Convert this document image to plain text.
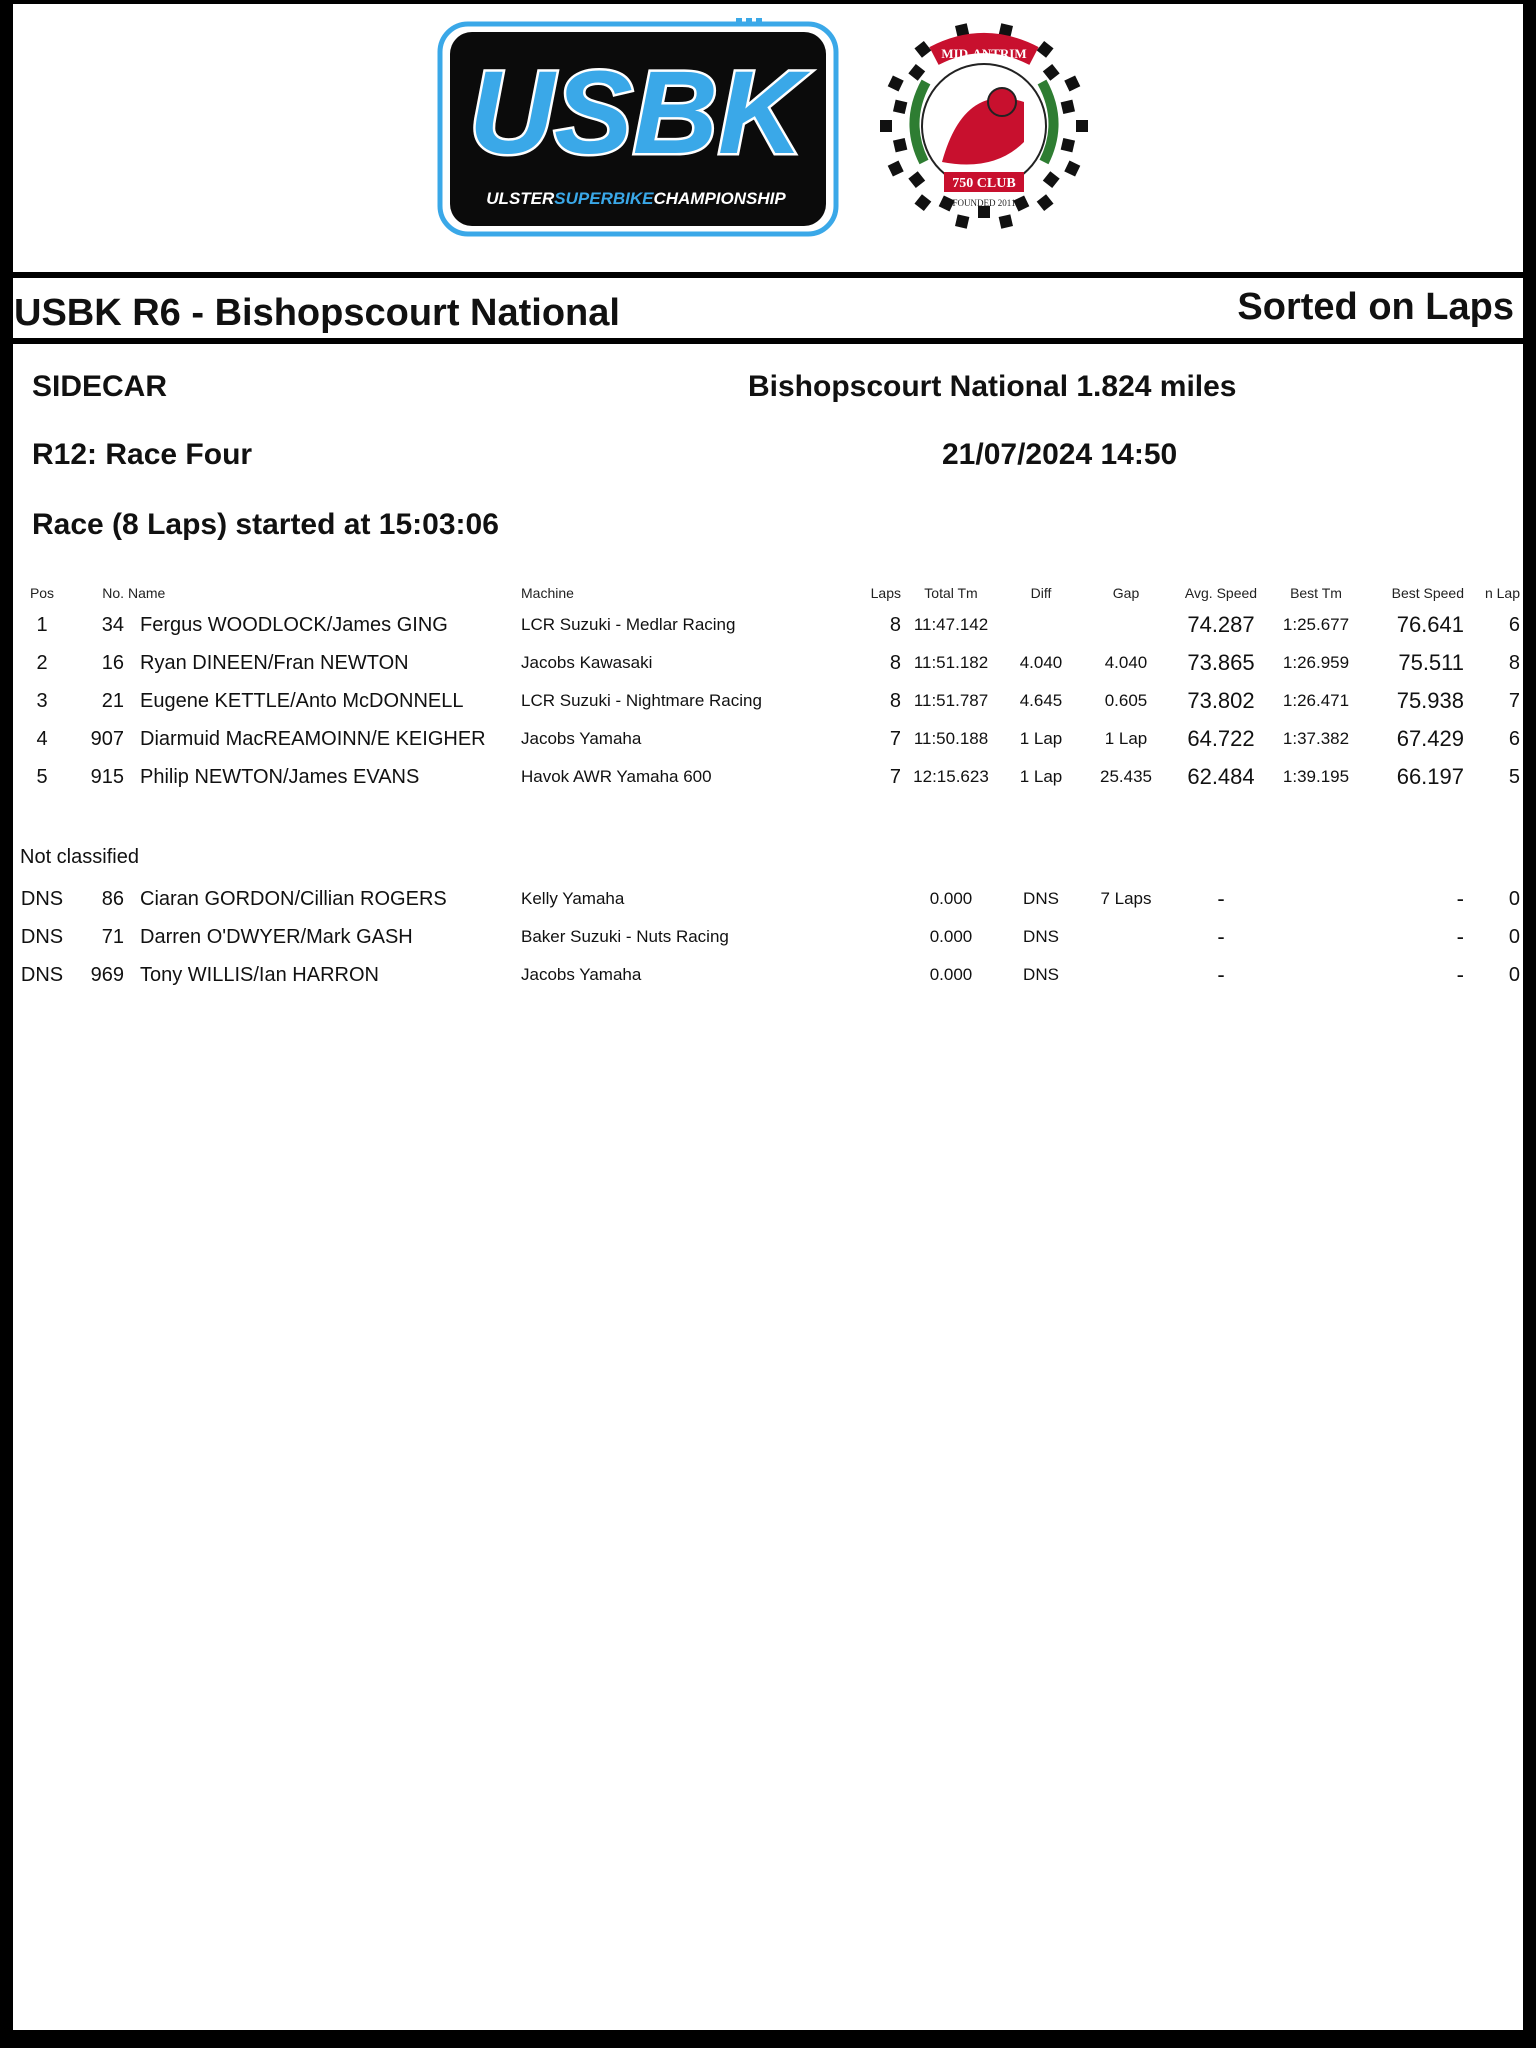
USBK
ULSTERSUPERBIKECHAMPIONSHIP
MID-ANTRIM
750 CLUB
FOUNDED 2011
USBK R6 - Bishopscourt National	Sorted on Laps
SIDECAR	Bishopscourt National 1.824 miles
R12: Race Four	21/07/2024 14:50
Race (8 Laps) started at 15:03:06
Pos	No.	Name	Machine	Laps	Total Tm	Diff	Gap	Avg. Speed	Best Tm	Best Speed	n Lap
1	34	Fergus WOODLOCK/James GING	LCR Suzuki - Medlar Racing	8	11:47.142			74.287	1:25.677	76.641	6
2	16	Ryan DINEEN/Fran NEWTON	Jacobs Kawasaki	8	11:51.182	4.040	4.040	73.865	1:26.959	75.511	8
3	21	Eugene KETTLE/Anto McDONNELL	LCR Suzuki - Nightmare Racing	8	11:51.787	4.645	0.605	73.802	1:26.471	75.938	7
4	907	Diarmuid MacREAMOINN/E KEIGHER	Jacobs Yamaha	7	11:50.188	1 Lap	1 Lap	64.722	1:37.382	67.429	6
5	915	Philip NEWTON/James EVANS	Havok AWR Yamaha 600	7	12:15.623	1 Lap	25.435	62.484	1:39.195	66.197	5
Not classified
DNS	86	Ciaran GORDON/Cillian ROGERS	Kelly Yamaha		0.000	DNS	7 Laps	-		-	0
DNS	71	Darren O'DWYER/Mark GASH	Baker Suzuki - Nuts Racing		0.000	DNS		-		-	0
DNS	969	Tony WILLIS/Ian HARRON	Jacobs Yamaha		0.000	DNS		-		-	0
